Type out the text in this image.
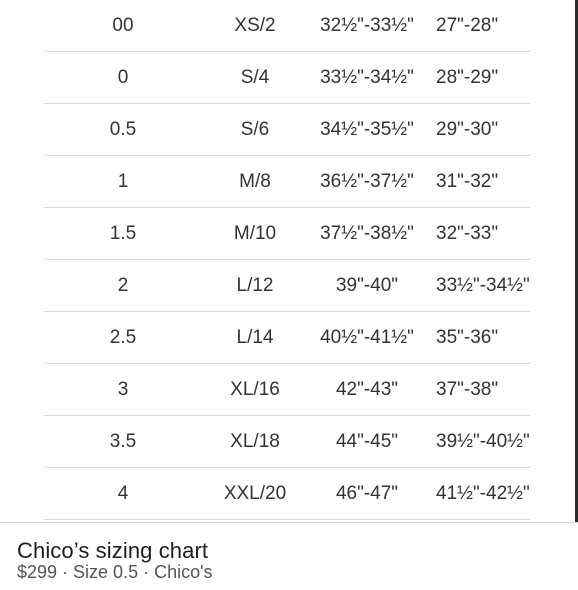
00	XS/2	32½"-33½"	27"-28"
0	S/4	33½"-34½"	28"-29"
0.5	S/6	34½"-35½"	29"-30"
1	M/8	36½"-37½"	31"-32"
1.5	M/10	37½"-38½"	32"-33"
2	L/12	39"-40"	33½"-34½"
2.5	L/14	40½"-41½"	35"-36"
3	XL/16	42"-43"	37"-38"
3.5	XL/18	44"-45"	39½"-40½"
4	XXL/20	46"-47"	41½"-42½"
Chico’s sizing chart
$299 · Size 0.5 · Chico's
